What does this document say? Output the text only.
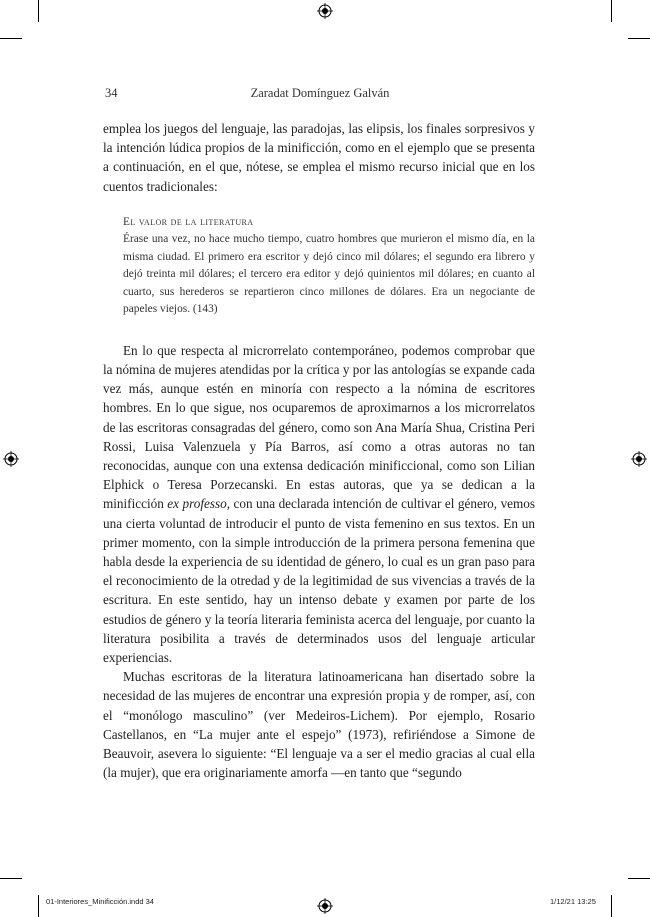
34	Zaradat Domínguez Galván

emplea los juegos del lenguaje, las paradojas, las elipsis, los finales sorpresivos y la intención lúdica propios de la minificción, como en el ejemplo que se presenta a continuación, en el que, nótese, se emplea el mismo recurso inicial que en los cuentos tradicionales:

El valor de la literatura
Érase una vez, no hace mucho tiempo, cuatro hombres que murieron el mismo día, en la misma ciudad. El primero era escritor y dejó cinco mil dólares; el segundo era librero y dejó treinta mil dólares; el tercero era editor y dejó quinientos mil dólares; en cuanto al cuarto, sus herederos se repartieron cinco millones de dólares. Era un negociante de papeles viejos. (143)

En lo que respecta al microrrelato contemporáneo, podemos comprobar que la nómina de mujeres atendidas por la crítica y por las antologías se expande cada vez más, aunque estén en minoría con respecto a la nómina de escritores hombres. En lo que sigue, nos ocuparemos de aproximarnos a los microrrelatos de las escritoras consagradas del género, como son Ana María Shua, Cristina Peri Rossi, Luisa Valenzuela y Pía Barros, así como a otras autoras no tan reconocidas, aunque con una extensa dedicación minificcional, como son Lilian Elphick o Teresa Porzecanski. En estas autoras, que ya se dedican a la minificción ex professo, con una declarada intención de cultivar el género, vemos una cierta voluntad de introducir el punto de vista femenino en sus textos. En un primer momento, con la simple introducción de la primera persona femenina que habla desde la experiencia de su identidad de género, lo cual es un gran paso para el reconocimiento de la otredad y de la legitimidad de sus vivencias a través de la escritura. En este sentido, hay un intenso debate y examen por parte de los estudios de género y la teoría literaria feminista acerca del lenguaje, por cuanto la literatura posibilita a través de determinados usos del lenguaje articular experiencias.

Muchas escritoras de la literatura latinoamericana han disertado sobre la necesidad de las mujeres de encontrar una expresión propia y de romper, así, con el “monólogo masculino” (ver Medeiros-Lichem). Por ejemplo, Rosario Castellanos, en “La mujer ante el espejo” (1973), refiriéndose a Simone de Beauvoir, asevera lo siguiente: “El lenguaje va a ser el medio gracias al cual ella (la mujer), que era originariamente amorfa —en tanto que “segundo

01-Interiores_Minificción.indd 34	1/12/21 13:25
